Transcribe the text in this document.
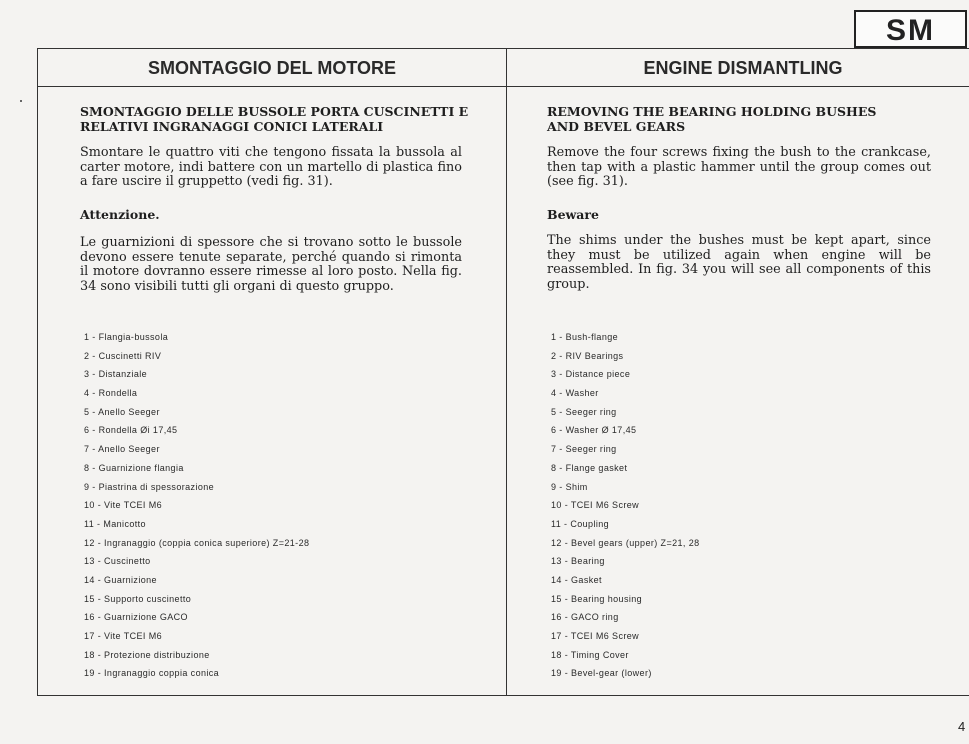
SM
SMONTAGGIO DEL MOTORE
SMONTAGGIO DELLE BUSSOLE PORTA CUSCINETTI E RELATIVI INGRANAGGI CONICI LATERALI

Smontare le quattro viti che tengono fissata la bussola al carter motore, indi battere con un martello di plastica fino a fare uscire il gruppetto (vedi fig. 31).

Attenzione.

Le guarnizioni di spessore che si trovano sotto le bussole devono essere tenute separate, perché quando si rimonta il motore dovranno essere rimesse al loro posto. Nella fig. 34 sono visibili tutti gli organi di questo gruppo.

1 - Flangia-bussola
2 - Cuscinetti RIV
3 - Distanziale
4 - Rondella
5 - Anello Seeger
6 - Rondella Øi 17,45
7 - Anello Seeger
8 - Guarnizione flangia
9 - Piastrina di spessorazione
10 - Vite TCEI M6
11 - Manicotto
12 - Ingranaggio (coppia conica superiore) Z=21-28
13 - Cuscinetto
14 - Guarnizione
15 - Supporto cuscinetto
16 - Guarnizione GACO
17 - Vite TCEI M6
18 - Protezione distribuzione
19 - Ingranaggio coppia conica
ENGINE DISMANTLING
REMOVING THE BEARING HOLDING BUSHES AND BEVEL GEARS

Remove the four screws fixing the bush to the crankcase, then tap with a plastic hammer until the group comes out (see fig. 31).

Beware

The shims under the bushes must be kept apart, since they must be utilized again when engine will be reassembled. In fig. 34 you will see all components of this group.

1 - Bush-flange
2 - RIV Bearings
3 - Distance piece
4 - Washer
5 - Seeger ring
6 - Washer Ø 17,45
7 - Seeger ring
8 - Flange gasket
9 - Shim
10 - TCEI M6 Screw
11 - Coupling
12 - Bevel gears (upper) Z=21, 28
13 - Bearing
14 - Gasket
15 - Bearing housing
16 - GACO ring
17 - TCEI M6 Screw
18 - Timing Cover
19 - Bevel-gear (lower)
4
